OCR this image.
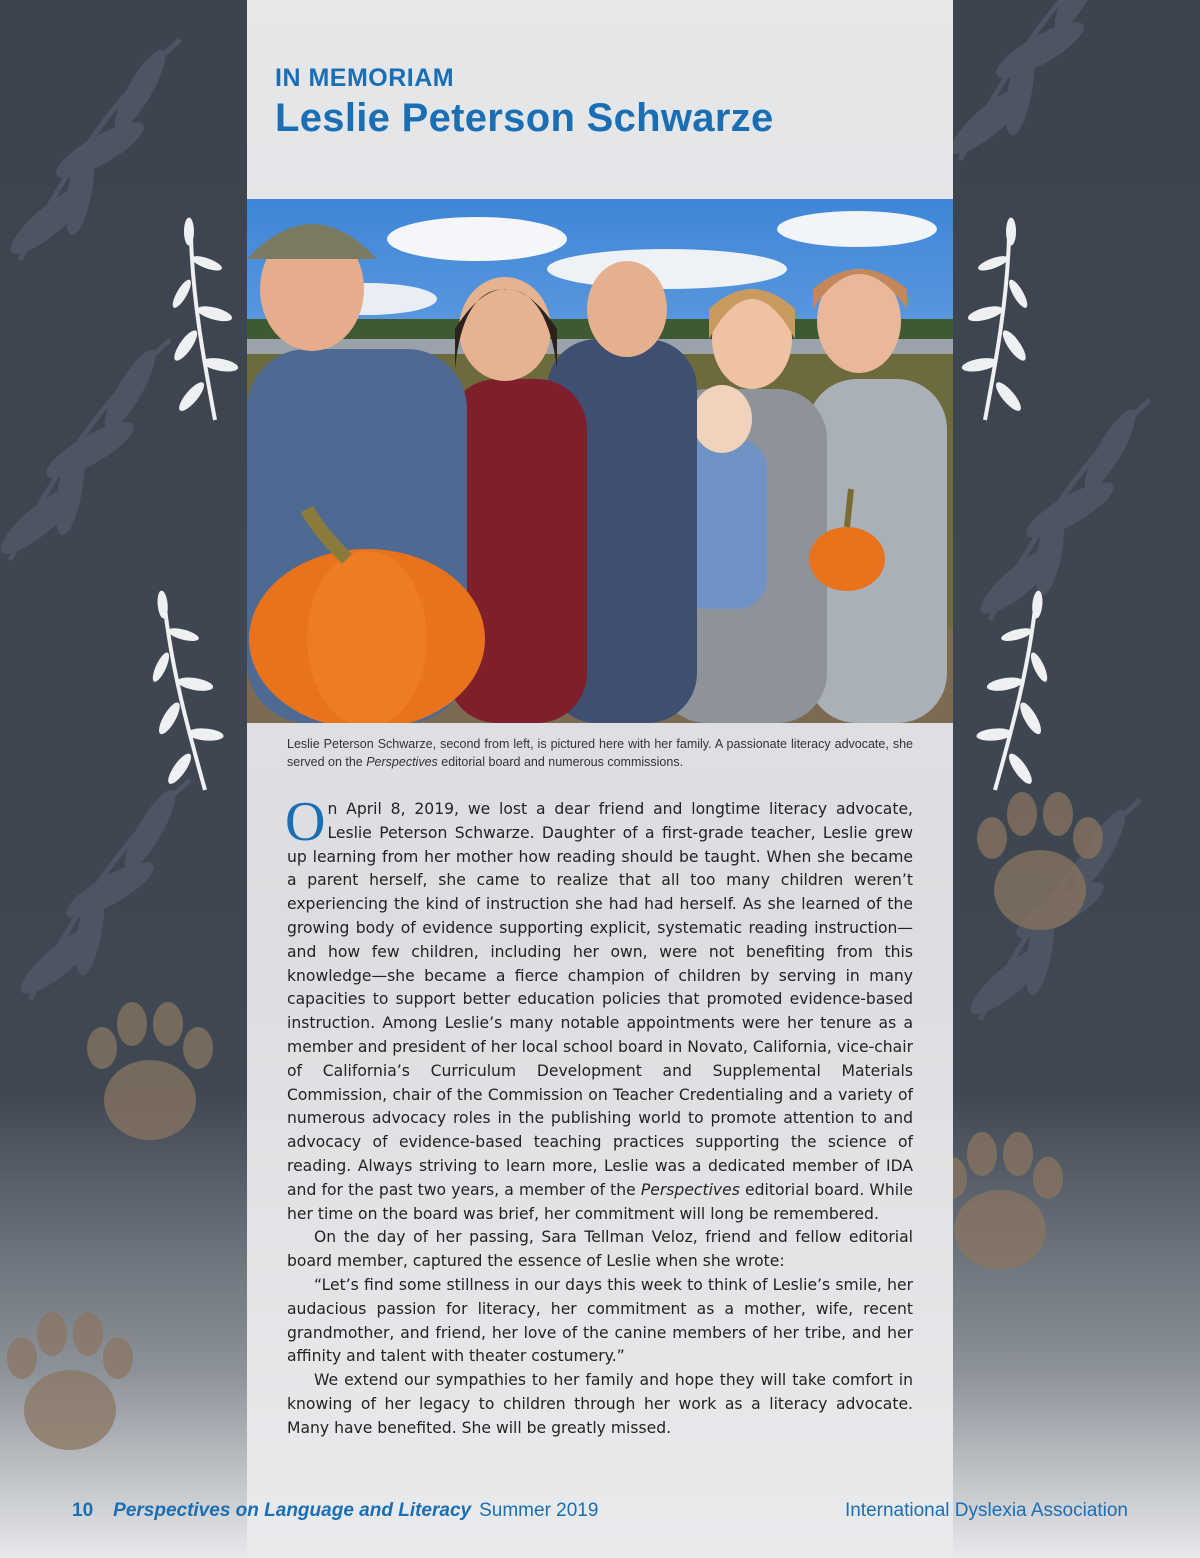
IN MEMORIAM
Leslie Peterson Schwarze
Leslie Peterson Schwarze, second from left, is pictured here with her family. A passionate literacy advocate, she served on the Perspectives editorial board and numerous commissions.

On April 8, 2019, we lost a dear friend and longtime literacy advocate, Leslie Peterson Schwarze. Daughter of a first-grade teacher, Leslie grew up learning from her mother how reading should be taught. When she became a parent herself, she came to realize that all too many children weren’t experiencing the kind of instruction she had had herself. As she learned of the growing body of evidence supporting explicit, systematic reading instruction—and how few children, including her own, were not benefiting from this knowledge—she became a fierce champion of children by serving in many capacities to support better education policies that promoted evidence-based instruction. Among Leslie’s many notable appointments were her tenure as a member and president of her local school board in Novato, California, vice-chair of California’s Curriculum Development and Supplemental Materials Commission, chair of the Commission on Teacher Credentialing and a variety of numerous advocacy roles in the publishing world to promote attention to and advocacy of evidence-based teaching practices supporting the science of reading. Always striving to learn more, Leslie was a dedicated member of IDA and for the past two years, a member of the Perspectives editorial board. While her time on the board was brief, her commitment will long be remembered.

On the day of her passing, Sara Tellman Veloz, friend and fellow editorial board member, captured the essence of Leslie when she wrote:

“Let’s find some stillness in our days this week to think of Leslie’s smile, her audacious passion for literacy, her commitment as a mother, wife, recent grandmother, and friend, her love of the canine members of her tribe, and her affinity and talent with theater costumery.”

We extend our sympathies to her family and hope they will take comfort in knowing of her legacy to children through her work as a literacy advocate. Many have benefited. She will be greatly missed.

10 Perspectives on Language and Literacy Summer 2019	International Dyslexia Association
